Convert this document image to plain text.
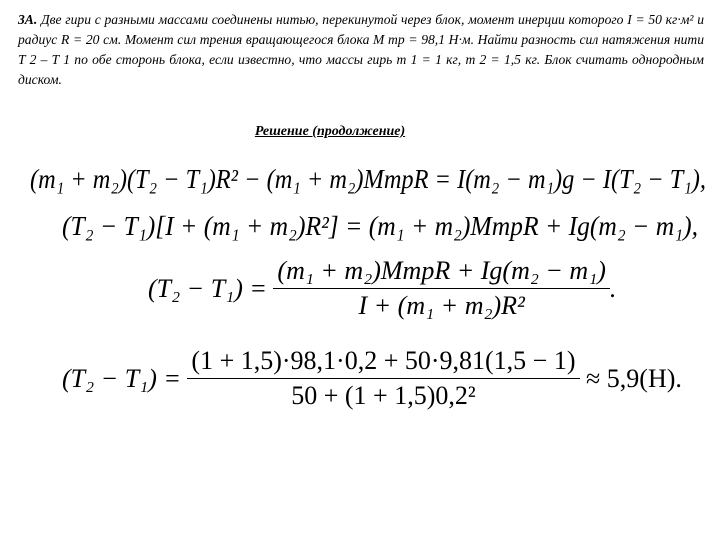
3А. Две гири с разными массами соединены нитью, перекинутой через блок, момент инерции которого I = 50 кг·м² и радиус R = 20 см. Момент сил трения вращающегося блока M тр = 98,1 Н·м. Найти разность сил натяжения нити T 2 – T 1 по обе сторонь блока, если известно, что массы гирь m 1 = 1 кг, m 2 = 1,5 кг. Блок считать однородным диском.
Решение (продолжение)
(m₁ + m₂)(T₂ − T₁)R² − (m₁ + m₂)MтрR = I(m₂ − m₁)g − I(T₂ − T₁),
(T₂ − T₁)[I + (m₁ + m₂)R²] = (m₁ + m₂)MтрR + Ig(m₂ − m₁),
$(T_2 - T_1) = \frac{\text{(m₁ + m₂)MтрR + Ig(m₂ − m₁)}}{\text{I + (m₁ + m₂)R²}}$ .
$(T_2 - T_1) = \frac{(1 + 1,5)\cdot 98,1\cdot 0,2 + 50\cdot 9,81(1,5 - 1)}{\text{50 + (1 + 1,5)0,2²}} \approx 5,9(H)$.
